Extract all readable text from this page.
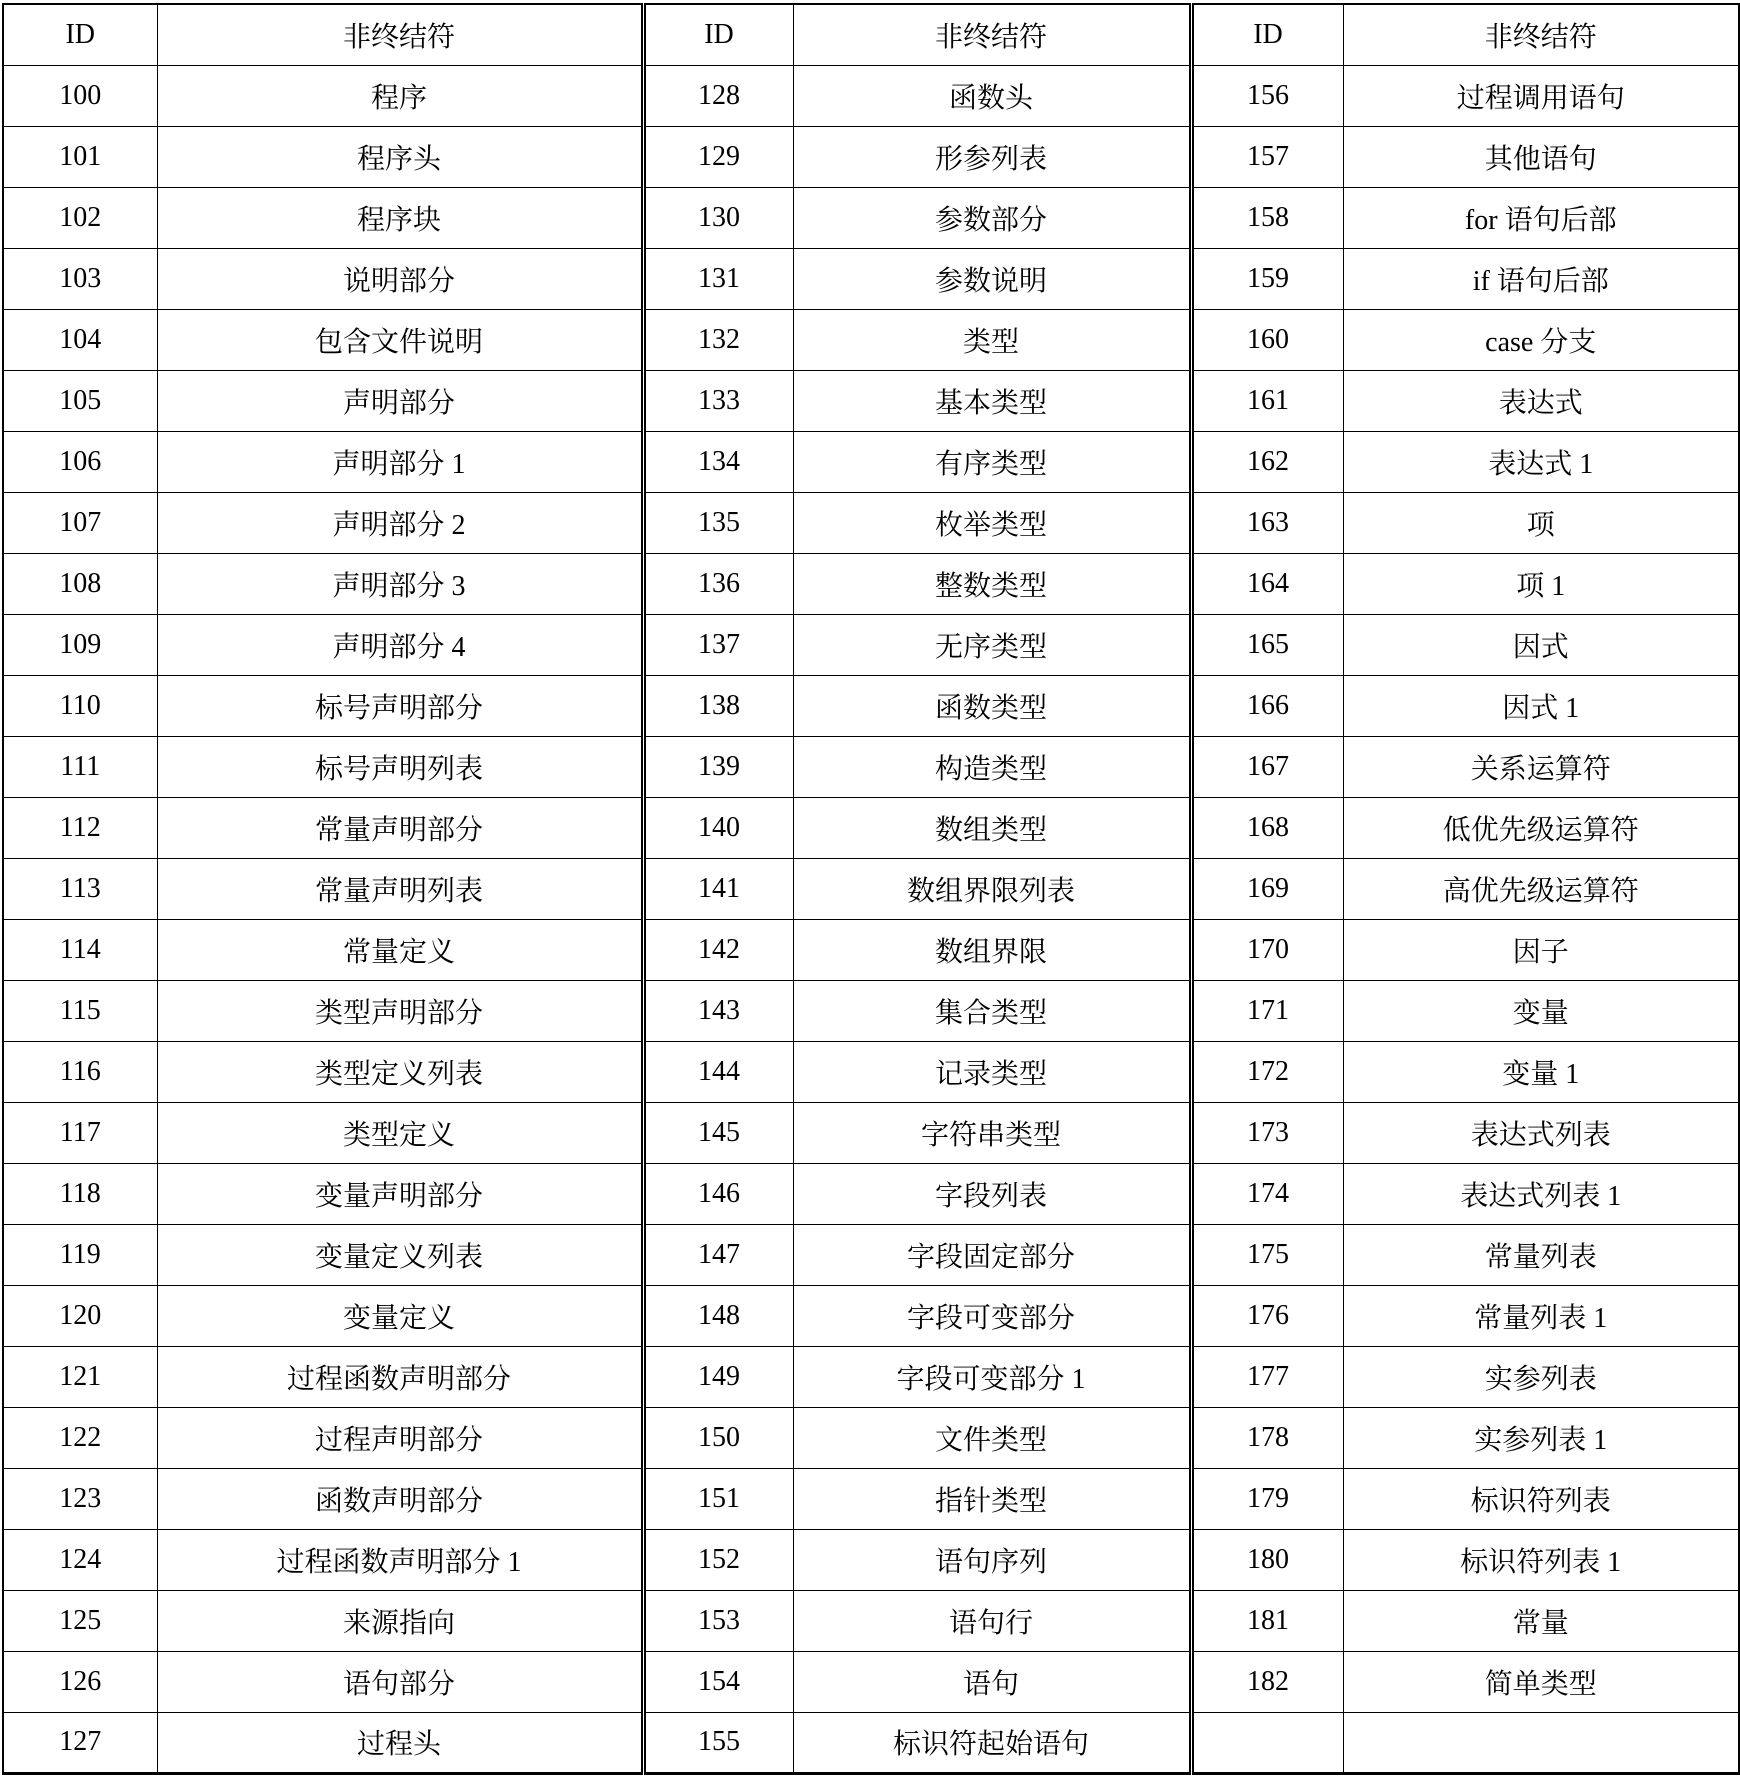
ID	非终结符	ID	非终结符	ID	非终结符
100	程序	128	函数头	156	过程调用语句
101	程序头	129	形参列表	157	其他语句
102	程序块	130	参数部分	158	for 语句后部
103	说明部分	131	参数说明	159	if 语句后部
104	包含文件说明	132	类型	160	case 分支
105	声明部分	133	基本类型	161	表达式
106	声明部分 1	134	有序类型	162	表达式 1
107	声明部分 2	135	枚举类型	163	项
108	声明部分 3	136	整数类型	164	项 1
109	声明部分 4	137	无序类型	165	因式
110	标号声明部分	138	函数类型	166	因式 1
111	标号声明列表	139	构造类型	167	关系运算符
112	常量声明部分	140	数组类型	168	低优先级运算符
113	常量声明列表	141	数组界限列表	169	高优先级运算符
114	常量定义	142	数组界限	170	因子
115	类型声明部分	143	集合类型	171	变量
116	类型定义列表	144	记录类型	172	变量 1
117	类型定义	145	字符串类型	173	表达式列表
118	变量声明部分	146	字段列表	174	表达式列表 1
119	变量定义列表	147	字段固定部分	175	常量列表
120	变量定义	148	字段可变部分	176	常量列表 1
121	过程函数声明部分	149	字段可变部分 1	177	实参列表
122	过程声明部分	150	文件类型	178	实参列表 1
123	函数声明部分	151	指针类型	179	标识符列表
124	过程函数声明部分 1	152	语句序列	180	标识符列表 1
125	来源指向	153	语句行	181	常量
126	语句部分	154	语句	182	简单类型
127	过程头	155	标识符起始语句		
